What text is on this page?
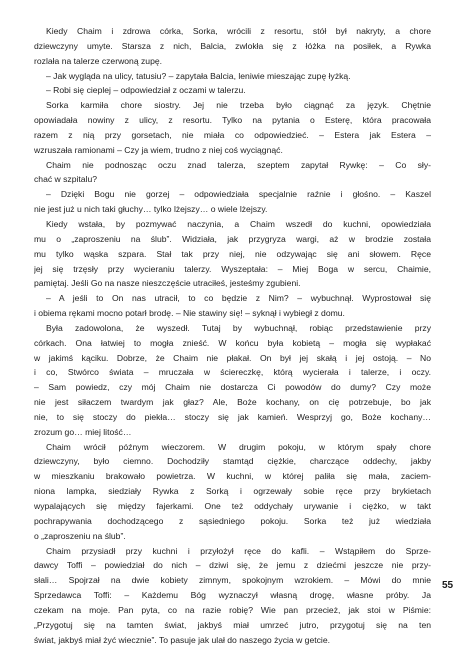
Kiedy Chaim i zdrowa córka, Sorka, wrócili z resortu, stół był nakryty, a chore
dziewczyny umyte. Starsza z nich, Balcia, zwlokła się z łóżka na posiłek, a Rywka
rozlała na talerze czerwoną zupę.
– Jak wygląda na ulicy, tatusiu? – zapytała Balcia, leniwie mieszając zupę łyżką.
– Robi się cieplej – odpowiedział z oczami w talerzu.
Sorka karmiła chore siostry. Jej nie trzeba było ciągnąć za język. Chętnie
opowiadała nowiny z ulicy, z resortu. Tylko na pytania o Esterę, która pracowała
razem z nią przy gorsetach, nie miała co odpowiedzieć. – Estera jak Estera –
wzruszała ramionami – Czy ja wiem, trudno z niej coś wyciągnąć.
Chaim nie podnosząc oczu znad talerza, szeptem zapytał Rywkę: – Co sły-
chać w szpitalu?
– Dzięki Bogu nie gorzej – odpowiedziała specjalnie raźnie i głośno. – Kaszel
nie jest już u nich taki głuchy… tylko lżejszy… o wiele lżejszy.
Kiedy wstała, by pozmywać naczynia, a Chaim wszedł do kuchni, opowiedziała
mu o „zaproszeniu na ślub”. Widziała, jak przygryza wargi, aż w brodzie została
mu tylko wąska szpara. Stał tak przy niej, nie odzywając się ani słowem. Ręce
jej się trzęsły przy wycieraniu talerzy. Wyszeptała: – Miej Boga w sercu, Chaimie,
pamiętaj. Jeśli Go na nasze nieszczęście utraciłeś, jesteśmy zgubieni.
– A jeśli to On nas utracił, to co będzie z Nim? – wybuchnął. Wyprostował się
i obiema rękami mocno potarł brodę. – Nie stawiny się! – syknął i wybiegł z domu.
Była zadowolona, że wyszedł. Tutaj by wybuchnął, robiąc przedstawienie przy
córkach. Ona łatwiej to mogła znieść. W końcu była kobietą – mogła się wypłakać
w jakimś kąciku. Dobrze, że Chaim nie płakał. On był jej skałą i jej ostoją. – No
i co, Stwórco świata – mruczała w ściereczkę, którą wycierała i talerze, i oczy.
– Sam powiedz, czy mój Chaim nie dostarcza Ci powodów do dumy? Czy może
nie jest siłaczem twardym jak głaz? Ale, Boże kochany, on cię potrzebuje, bo jak
nie, to się stoczy do piekła… stoczy się jak kamień. Wesprzyj go, Boże kochany…
zrozum go… miej litość…
Chaim wrócił późnym wieczorem. W drugim pokoju, w którym spały chore
dziewczyny, było ciemno. Dochodziły stamtąd ciężkie, charczące oddechy, jakby
w mieszkaniu brakowało powietrza. W kuchni, w której paliła się mała, zaciem-
niona lampka, siedziały Rywka z Sorką i ogrzewały sobie ręce przy brykietach
wypalających się między fajerkami. One też oddychały urywanie i ciężko, w takt
pochrapywania dochodzącego z sąsiedniego pokoju. Sorka też już wiedziała
o „zaproszeniu na ślub”.
Chaim przysiadł przy kuchni i przyłożył ręce do kafli. – Wstąpiłem do Sprze-
dawcy Toffi – powiedział do nich – dziwi się, że jemu z dziećmi jeszcze nie przy-
słali… Spojrzał na dwie kobiety zimnym, spokojnym wzrokiem. – Mówi do mnie
Sprzedawca Toffi: – Każdemu Bóg wyznaczył własną drogę, własne próby. Ja
czekam na moje. Pan pyta, co na razie robię? Wie pan przecież, jak stoi w Piśmie:
„Przygotuj się na tamten świat, jakbyś miał umrzeć jutro, przygotuj się na ten
świat, jakbyś miał żyć wiecznie”. To pasuje jak ulał do naszego życia w getcie.
55
